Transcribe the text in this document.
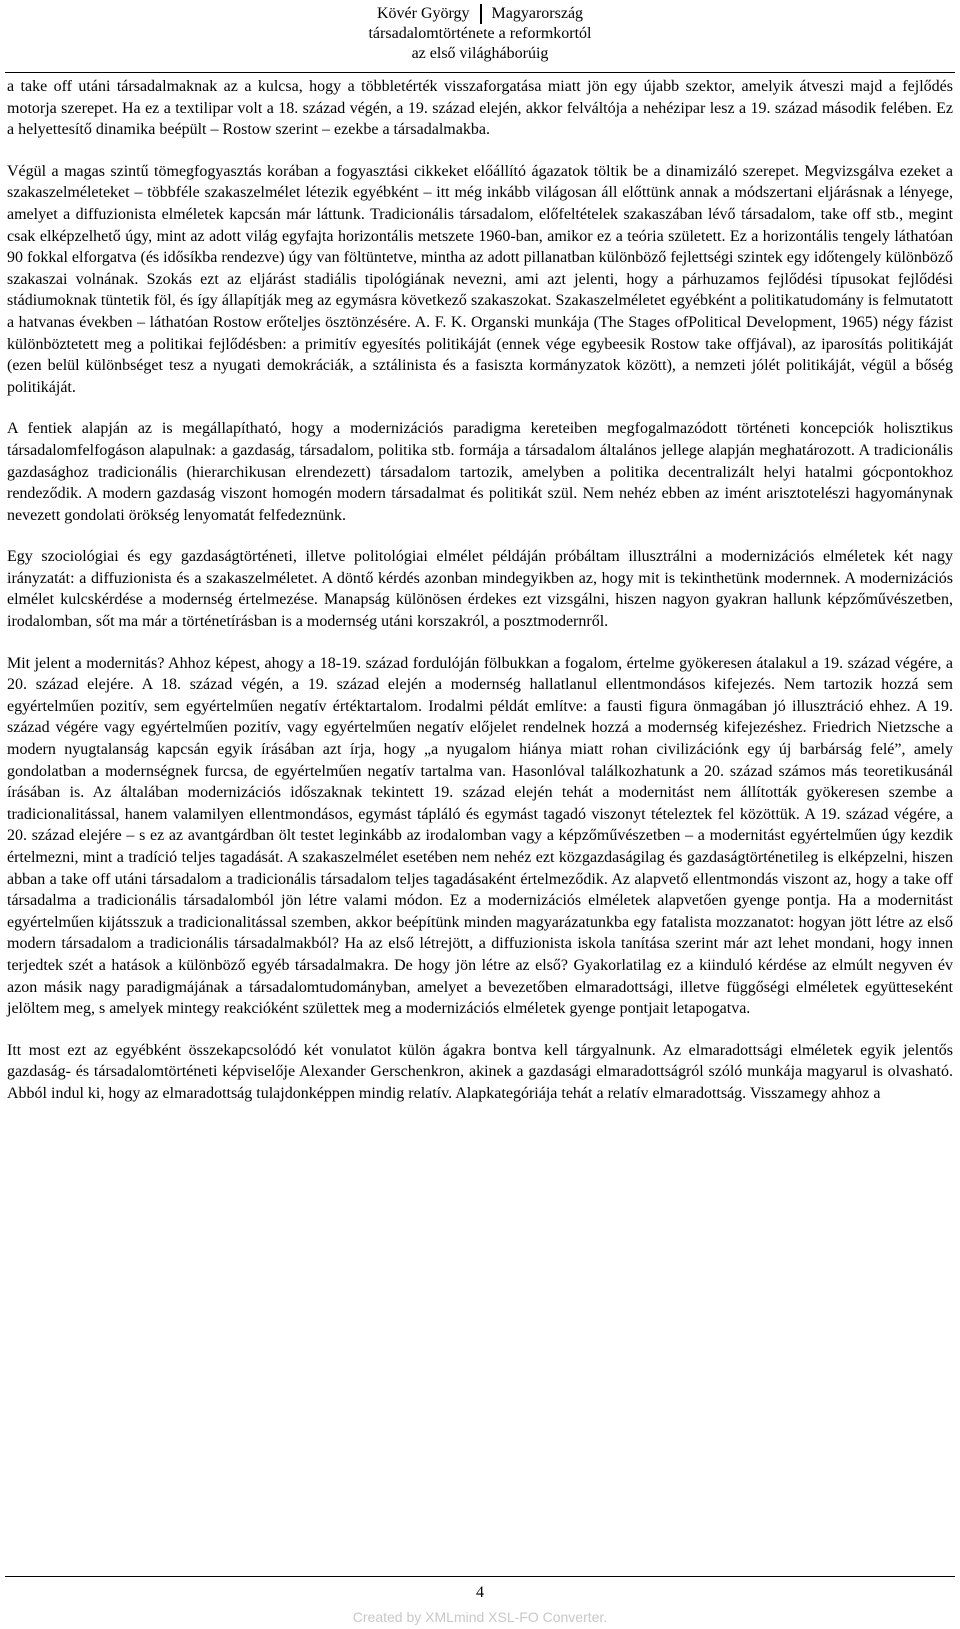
Kövér György	Magyarország
társadalomtörténete a reformkortól
az első világháborúig

a take off utáni társadalmaknak az a kulcsa, hogy a többletérték visszaforgatása miatt jön egy újabb szektor, amelyik átveszi majd a fejlődés motorja szerepet. Ha ez a textilipar volt a 18. század végén, a 19. század elején, akkor felváltója a nehézipar lesz a 19. század második felében. Ez a helyettesítő dinamika beépült – Rostow szerint – ezekbe a társadalmakba.

Végül a magas szintű tömegfogyasztás korában a fogyasztási cikkeket előállító ágazatok töltik be a dinamizáló szerepet. Megvizsgálva ezeket a szakaszelméleteket – többféle szakaszelmélet létezik egyébként – itt még inkább világosan áll előttünk annak a módszertani eljárásnak a lényege, amelyet a diffuzionista elméletek kapcsán már láttunk. Tradicionális társadalom, előfeltételek szakaszában lévő társadalom, take off stb., megint csak elképzelhető úgy, mint az adott világ egyfajta horizontális metszete 1960-ban, amikor ez a teória született. Ez a horizontális tengely láthatóan 90 fokkal elforgatva (és idősíkba rendezve) úgy van föltüntetve, mintha az adott pillanatban különböző fejlettségi szintek egy időtengely különböző szakaszai volnának. Szokás ezt az eljárást stadiális tipológiának nevezni, ami azt jelenti, hogy a párhuzamos fejlődési típusokat fejlődési stádiumoknak tüntetik föl, és így állapítják meg az egymásra következő szakaszokat. Szakaszelméletet egyébként a politikatudomány is felmutatott a hatvanas években – láthatóan Rostow erőteljes ösztönzésére. A. F. K. Organski munkája (The Stages ofPolitical Development, 1965) négy fázist különböztetett meg a politikai fejlődésben: a primitív egyesítés politikáját (ennek vége egybeesik Rostow take offjával), az iparosítás politikáját (ezen belül különbséget tesz a nyugati demokráciák, a sztálinista és a fasiszta kormányzatok között), a nemzeti jólét politikáját, végül a bőség politikáját.

A fentiek alapján az is megállapítható, hogy a modernizációs paradigma kereteiben megfogalmazódott történeti koncepciók holisztikus társadalomfelfogáson alapulnak: a gazdaság, társadalom, politika stb. formája a társadalom általános jellege alapján meghatározott. A tradicionális gazdasághoz tradicionális (hierarchikusan elrendezett) társadalom tartozik, amelyben a politika decentralizált helyi hatalmi gócpontokhoz rendeződik. A modern gazdaság viszont homogén modern társadalmat és politikát szül. Nem nehéz ebben az imént arisztotelészi hagyománynak nevezett gondolati örökség lenyomatát felfedeznünk.

Egy szociológiai és egy gazdaságtörténeti, illetve politológiai elmélet példáján próbáltam illusztrálni a modernizációs elméletek két nagy irányzatát: a diffuzionista és a szakaszelméletet. A döntő kérdés azonban mindegyikben az, hogy mit is tekinthetünk modernnek. A modernizációs elmélet kulcskérdése a modernség értelmezése. Manapság különösen érdekes ezt vizsgálni, hiszen nagyon gyakran hallunk képzőművészetben, irodalomban, sőt ma már a történetírásban is a modernség utáni korszakról, a posztmodernről.

Mit jelent a modernitás? Ahhoz képest, ahogy a 18-19. század fordulóján fölbukkan a fogalom, értelme gyökeresen átalakul a 19. század végére, a 20. század elejére. A 18. század végén, a 19. század elején a modernség hallatlanul ellentmondásos kifejezés. Nem tartozik hozzá sem egyértelműen pozitív, sem egyértelműen negatív értéktartalom. Irodalmi példát említve: a fausti figura önmagában jó illusztráció ehhez. A 19. század végére vagy egyértelműen pozitív, vagy egyértelműen negatív előjelet rendelnek hozzá a modernség kifejezéshez. Friedrich Nietzsche a modern nyugtalanság kapcsán egyik írásában azt írja, hogy „a nyugalom hiánya miatt rohan civilizációnk egy új barbárság felé”, amely gondolatban a modernségnek furcsa, de egyértelműen negatív tartalma van. Hasonlóval találkozhatunk a 20. század számos más teoretikusánál írásában is. Az általában modernizációs időszaknak tekintett 19. század elején tehát a modernitást nem állították gyökeresen szembe a tradicionalitással, hanem valamilyen ellentmondásos, egymást tápláló és egymást tagadó viszonyt tételeztek fel közöttük. A 19. század végére, a 20. század elejére – s ez az avantgárdban ölt testet leginkább az irodalomban vagy a képzőművészetben – a modernitást egyértelműen úgy kezdik értelmezni, mint a tradíció teljes tagadását. A szakaszelmélet esetében nem nehéz ezt közgazdaságilag és gazdaságtörténetileg is elképzelni, hiszen abban a take off utáni társadalom a tradicionális társadalom teljes tagadásaként értelmeződik. Az alapvető ellentmondás viszont az, hogy a take off társadalma a tradicionális társadalomból jön létre valami módon. Ez a modernizációs elméletek alapvetően gyenge pontja. Ha a modernitást egyértelműen kijátsszuk a tradicionalitással szemben, akkor beépítünk minden magyarázatunkba egy fatalista mozzanatot: hogyan jött létre az első modern társadalom a tradicionális társadalmakból? Ha az első létrejött, a diffuzionista iskola tanítása szerint már azt lehet mondani, hogy innen terjedtek szét a hatások a különböző egyéb társadalmakra. De hogy jön létre az első? Gyakorlatilag ez a kiinduló kérdése az elmúlt negyven év azon másik nagy paradigmájának a társadalomtudományban, amelyet a bevezetőben elmaradottsági, illetve függőségi elméletek együtteseként jelöltem meg, s amelyek mintegy reakcióként születtek meg a modernizációs elméletek gyenge pontjait letapogatva.

Itt most ezt az egyébként összekapcsolódó két vonulatot külön ágakra bontva kell tárgyalnunk. Az elmaradottsági elméletek egyik jelentős gazdaság- és társadalomtörténeti képviselője Alexander Gerschenkron, akinek a gazdasági elmaradottságról szóló munkája magyarul is olvasható. Abból indul ki, hogy az elmaradottság tulajdonképpen mindig relatív. Alapkategóriája tehát a relatív elmaradottság. Visszamegy ahhoz a

4
Created by XMLmind XSL-FO Converter.
